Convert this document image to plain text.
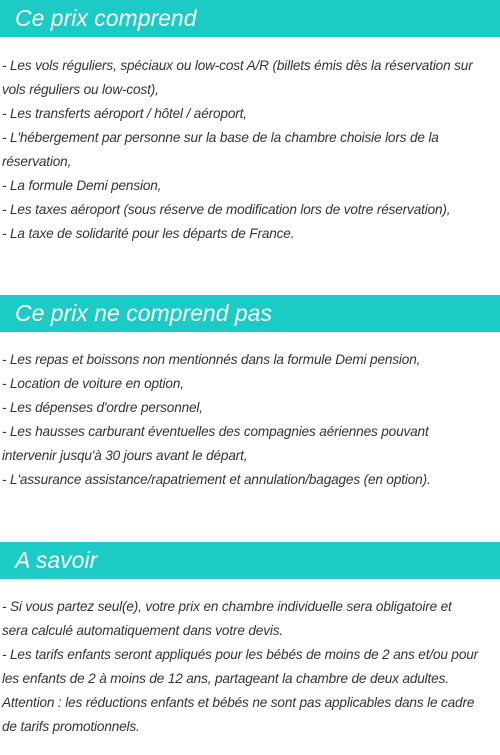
Ce prix comprend
- Les vols réguliers, spéciaux ou low-cost A/R (billets émis dès la réservation sur
vols réguliers ou low-cost),
- Les transferts aéroport / hôtel / aéroport,
- L'hébergement par personne sur la base de la chambre choisie lors de la
réservation,
- La formule Demi pension,
- Les taxes aéroport (sous réserve de modification lors de votre réservation),
- La taxe de solidarité pour les départs de France.
Ce prix ne comprend pas
- Les repas et boissons non mentionnés dans la formule Demi pension,
- Location de voiture en option,
- Les dépenses d'ordre personnel,
- Les hausses carburant éventuelles des compagnies aériennes pouvant
intervenir jusqu'à 30 jours avant le départ,
- L'assurance assistance/rapatriement et annulation/bagages (en option).
A savoir
- Si vous partez seul(e), votre prix en chambre individuelle sera obligatoire et
sera calculé automatiquement dans votre devis.
- Les tarifs enfants seront appliqués pour les bébés de moins de 2 ans et/ou pour
les enfants de 2 à moins de 12 ans, partageant la chambre de deux adultes.
Attention : les réductions enfants et bébés ne sont pas applicables dans le cadre
de tarifs promotionnels.
